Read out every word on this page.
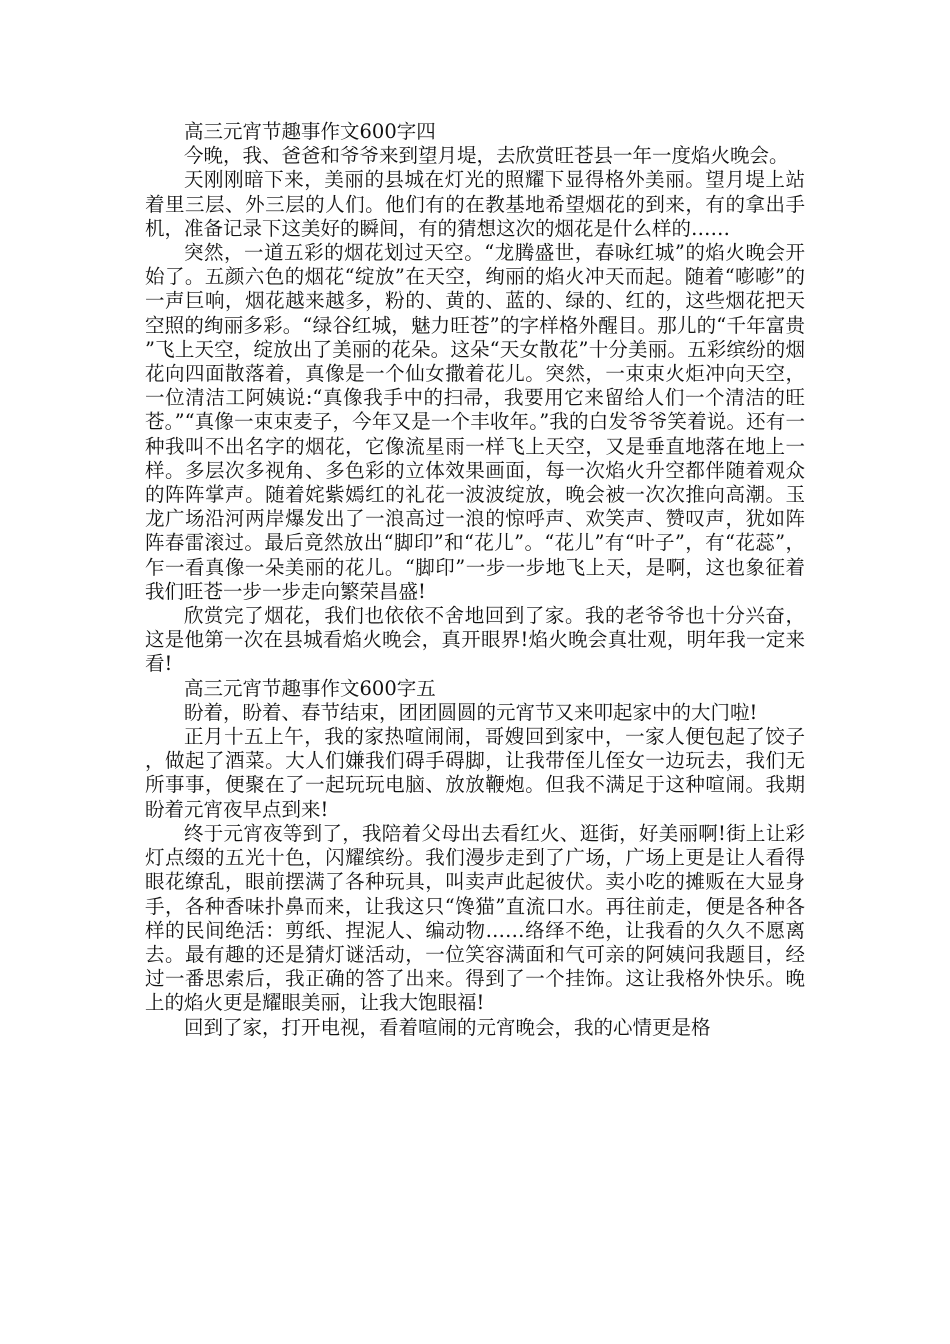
高三元宵节趣事作文600字四

今晚，我、爸爸和爷爷来到望月堤，去欣赏旺苍县一年一度焰火晚会。

天刚刚暗下来，美丽的县城在灯光的照耀下显得格外美丽。望月堤上站着里三层、外三层的人们。他们有的在教基地希望烟花的到来，有的拿出手机，准备记录下这美好的瞬间，有的猜想这次的烟花是什么样的……

突然，一道五彩的烟花划过天空。“龙腾盛世，春咏红城”的焰火晚会开始了。五颜六色的烟花“绽放”在天空，绚丽的焰火冲天而起。随着“嘭嘭”的一声巨响，烟花越来越多，粉的、黄的、蓝的、绿的、红的，这些烟花把天空照的绚丽多彩。“绿谷红城，魅力旺苍”的字样格外醒目。那儿的“千年富贵”飞上天空，绽放出了美丽的花朵。这朵“天女散花”十分美丽。五彩缤纷的烟花向四面散落着，真像是一个仙女撒着花儿。突然，一束束火炬冲向天空，一位清洁工阿姨说:“真像我手中的扫帚，我要用它来留给人们一个清洁的旺苍。”“真像一束束麦子，今年又是一个丰收年。”我的白发爷爷笑着说。还有一种我叫不出名字的烟花，它像流星雨一样飞上天空，又是垂直地落在地上一样。多层次多视角、多色彩的立体效果画面，每一次焰火升空都伴随着观众的阵阵掌声。随着姹紫嫣红的礼花一波波绽放，晚会被一次次推向高潮。玉龙广场沿河两岸爆发出了一浪高过一浪的惊呼声、欢笑声、赞叹声，犹如阵阵春雷滚过。最后竟然放出“脚印”和“花儿”。“花儿”有“叶子”，有“花蕊”，乍一看真像一朵美丽的花儿。“脚印”一步一步地飞上天，是啊，这也象征着我们旺苍一步一步走向繁荣昌盛!

欣赏完了烟花，我们也依依不舍地回到了家。我的老爷爷也十分兴奋，这是他第一次在县城看焰火晚会，真开眼界!焰火晚会真壮观，明年我一定来看!

高三元宵节趣事作文600字五

盼着，盼着、春节结束，团团圆圆的元宵节又来叩起家中的大门啦!

正月十五上午，我的家热喧闹闹，哥嫂回到家中，一家人便包起了饺子，做起了酒菜。大人们嫌我们碍手碍脚，让我带侄儿侄女一边玩去，我们无所事事，便聚在了一起玩玩电脑、放放鞭炮。但我不满足于这种喧闹。我期盼着元宵夜早点到来!

终于元宵夜等到了，我陪着父母出去看红火、逛街，好美丽啊!街上让彩灯点缀的五光十色，闪耀缤纷。我们漫步走到了广场，广场上更是让人看得眼花缭乱，眼前摆满了各种玩具，叫卖声此起彼伏。卖小吃的摊贩在大显身手，各种香味扑鼻而来，让我这只“馋猫”直流口水。再往前走，便是各种各样的民间绝活：剪纸、捏泥人、编动物……络绎不绝，让我看的久久不愿离去。最有趣的还是猜灯谜活动，一位笑容满面和气可亲的阿姨问我题目，经过一番思索后，我正确的答了出来。得到了一个挂饰。这让我格外快乐。晚上的焰火更是耀眼美丽，让我大饱眼福!

回到了家，打开电视，看着喧闹的元宵晚会，我的心情更是格
